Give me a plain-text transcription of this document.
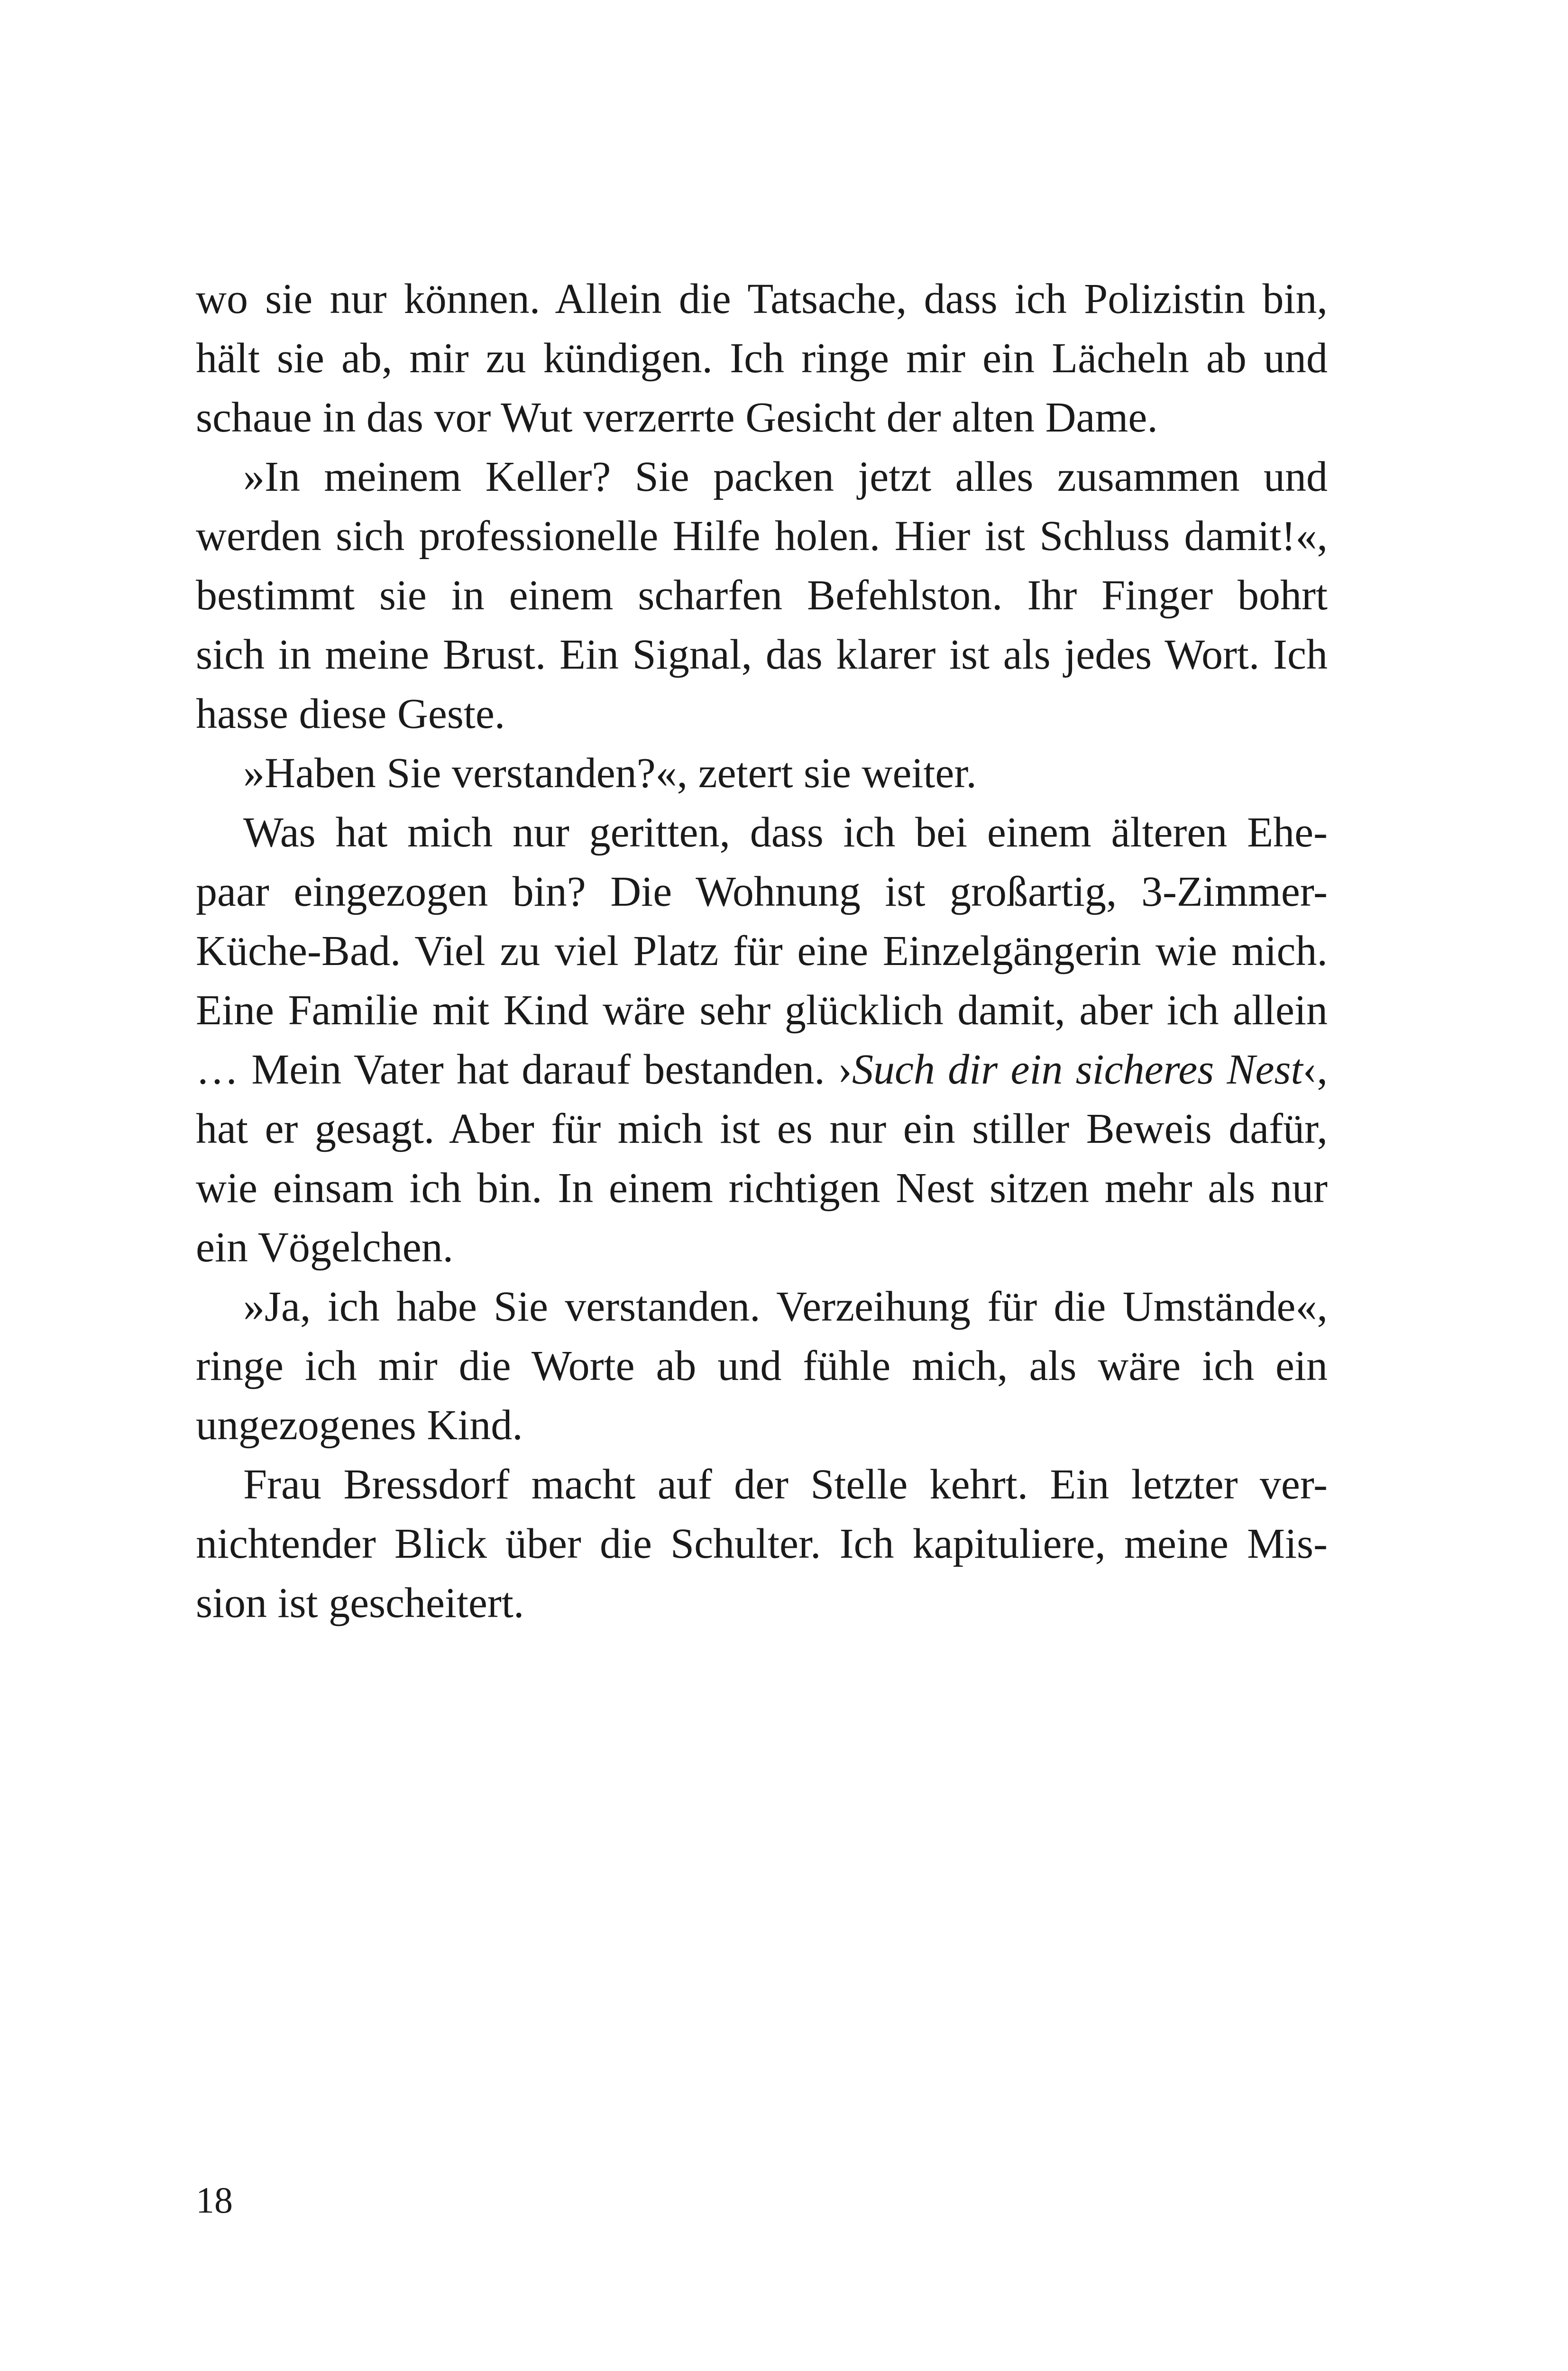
wo sie nur können. Allein die Tatsache, dass ich Polizistin bin,
hält sie ab, mir zu kündigen. Ich ringe mir ein Lächeln ab und
schaue in das vor Wut verzerrte Gesicht der alten Dame.
»In meinem Keller? Sie packen jetzt alles zusammen und
werden sich professionelle Hilfe holen. Hier ist Schluss damit!«,
bestimmt sie in einem scharfen Befehlston. Ihr Finger bohrt
sich in meine Brust. Ein Signal, das klarer ist als jedes Wort. Ich
hasse diese Geste.
»Haben Sie verstanden?«, zetert sie weiter.
Was hat mich nur geritten, dass ich bei einem älteren Ehe-
paar eingezogen bin? Die Wohnung ist großartig, 3-Zimmer-
Küche-Bad. Viel zu viel Platz für eine Einzelgängerin wie mich.
Eine Familie mit Kind wäre sehr glücklich damit, aber ich allein
… Mein Vater hat darauf bestanden. ›Such dir ein sicheres Nest‹,
hat er gesagt. Aber für mich ist es nur ein stiller Beweis dafür,
wie einsam ich bin. In einem richtigen Nest sitzen mehr als nur
ein Vögelchen.
»Ja, ich habe Sie verstanden. Verzeihung für die Umstände«,
ringe ich mir die Worte ab und fühle mich, als wäre ich ein
ungezogenes Kind.
Frau Bressdorf macht auf der Stelle kehrt. Ein letzter ver-
nichtender Blick über die Schulter. Ich kapituliere, meine Mis-
sion ist gescheitert.
18
